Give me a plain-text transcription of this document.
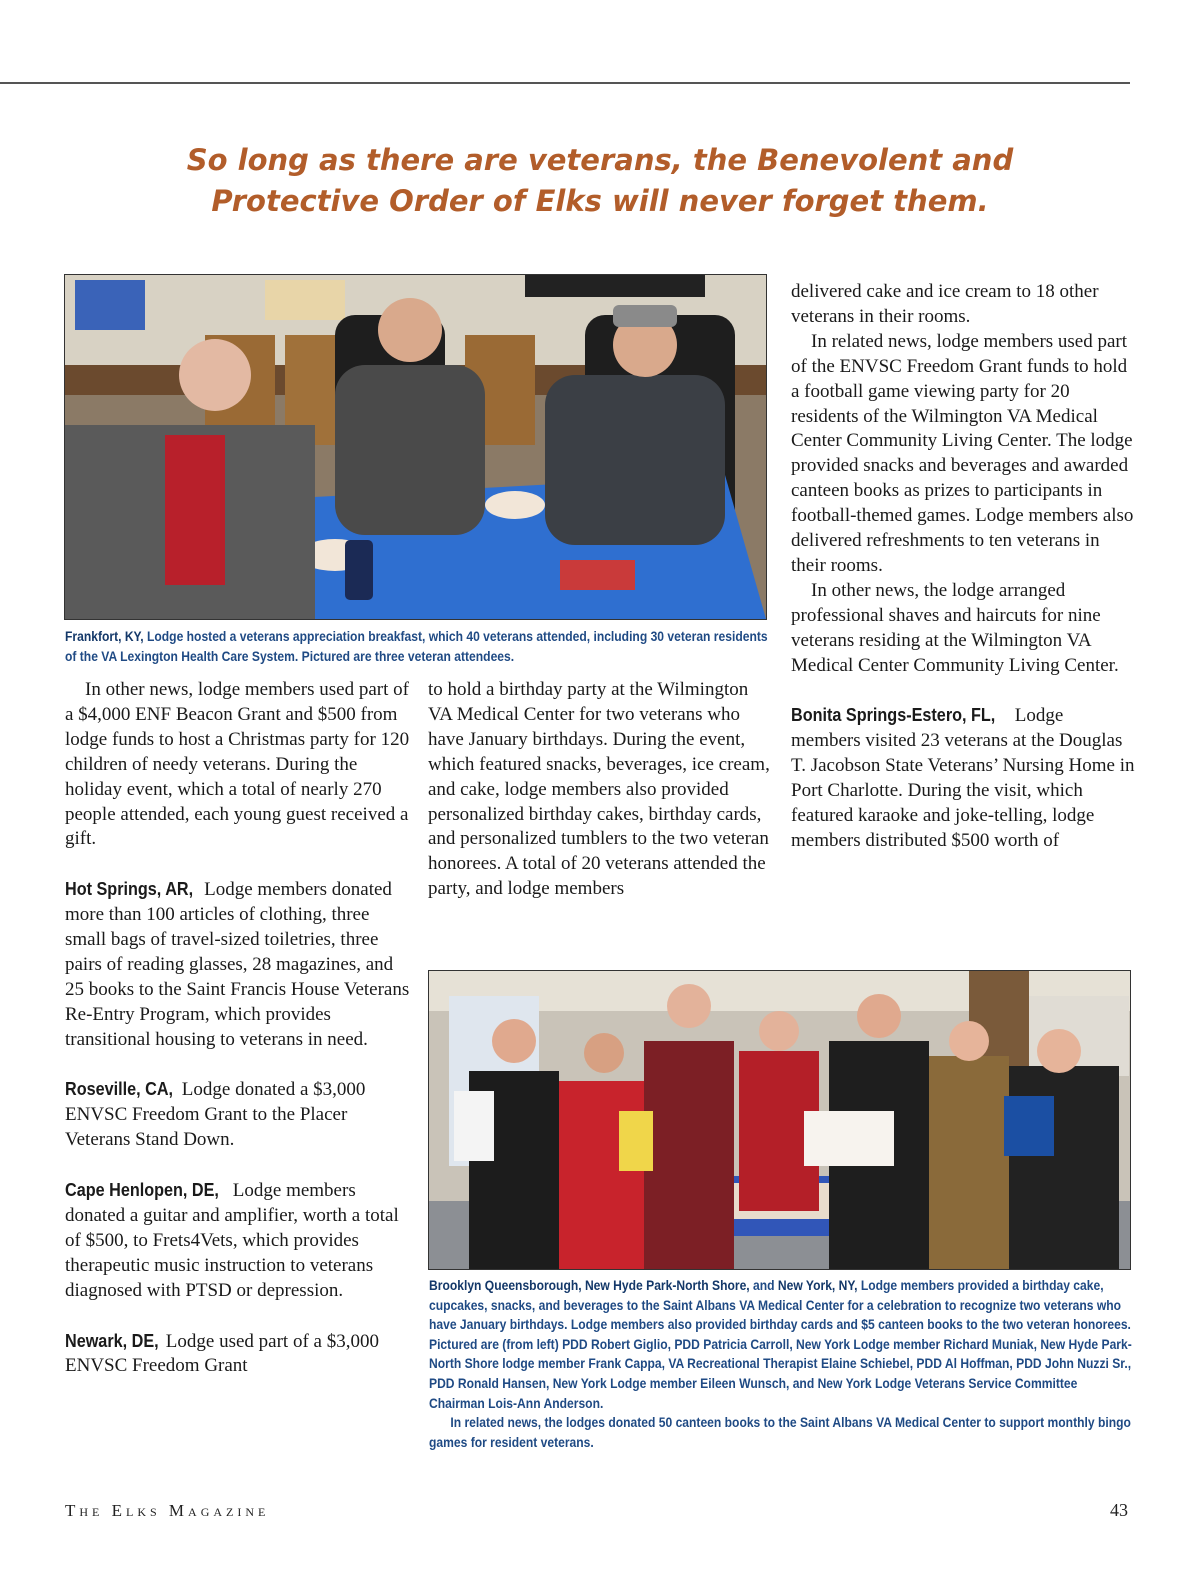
So long as there are veterans, the Benevolent and
Protective Order of Elks will never forget them.

Frankfort, KY, Lodge hosted a veterans appreciation breakfast, which 40 veterans attended, including 30 veteran residents of the VA Lexington Health Care System. Pictured are three veteran attendees.

In other news, lodge members used part of a $4,000 ENF Beacon Grant and $500 from lodge funds to host a Christmas party for 120 children of needy veterans. During the holiday event, which a total of nearly 270 people attended, each young guest received a gift.

Hot Springs, AR, Lodge members donated more than 100 articles of clothing, three small bags of travel-sized toiletries, three pairs of reading glasses, 28 magazines, and 25 books to the Saint Francis House Veterans Re-Entry Program, which provides transitional housing to veterans in need.

Roseville, CA, Lodge donated a $3,000 ENVSC Freedom Grant to the Placer Veterans Stand Down.

Cape Henlopen, DE, Lodge members donated a guitar and amplifier, worth a total of $500, to Frets4Vets, which provides therapeutic music instruction to veterans diagnosed with PTSD or depression.

Newark, DE, Lodge used part of a $3,000 ENVSC Freedom Grant

to hold a birthday party at the Wilmington VA Medical Center for two veterans who have January birthdays. During the event, which featured snacks, beverages, ice cream, and cake, lodge members also provided personalized birthday cakes, birthday cards, and personalized tumblers to the two veteran honorees. A total of 20 veterans attended the party, and lodge members

delivered cake and ice cream to 18 other veterans in their rooms.

In related news, lodge members used part of the ENVSC Freedom Grant funds to hold a football game viewing party for 20 residents of the Wilmington VA Medical Center Community Living Center. The lodge provided snacks and beverages and awarded canteen books as prizes to participants in football-themed games. Lodge members also delivered refreshments to ten veterans in their rooms.

In other news, the lodge arranged professional shaves and haircuts for nine veterans residing at the Wilmington VA Medical Center Community Living Center.

Bonita Springs-Estero, FL, Lodge members visited 23 veterans at the Douglas T. Jacobson State Veterans’ Nursing Home in Port Charlotte. During the visit, which featured karaoke and joke-telling, lodge members distributed $500 worth of

Brooklyn Queensborough, New Hyde Park-North Shore, and New York, NY, Lodge members provided a birthday cake, cupcakes, snacks, and beverages to the Saint Albans VA Medical Center for a celebration to recognize two veterans who have January birthdays. Lodge members also provided birthday cards and $5 canteen books to the two veteran honorees. Pictured are (from left) PDD Robert Giglio, PDD Patricia Carroll, New York Lodge member Richard Muniak, New Hyde Park-North Shore lodge member Frank Cappa, VA Recreational Therapist Elaine Schiebel, PDD Al Hoffman, PDD John Nuzzi Sr., PDD Ronald Hansen, New York Lodge member Eileen Wunsch, and New York Lodge Veterans Service Committee Chairman Lois-Ann Anderson.
In related news, the lodges donated 50 canteen books to the Saint Albans VA Medical Center to support monthly bingo games for resident veterans.
The Elks Magazine	43
